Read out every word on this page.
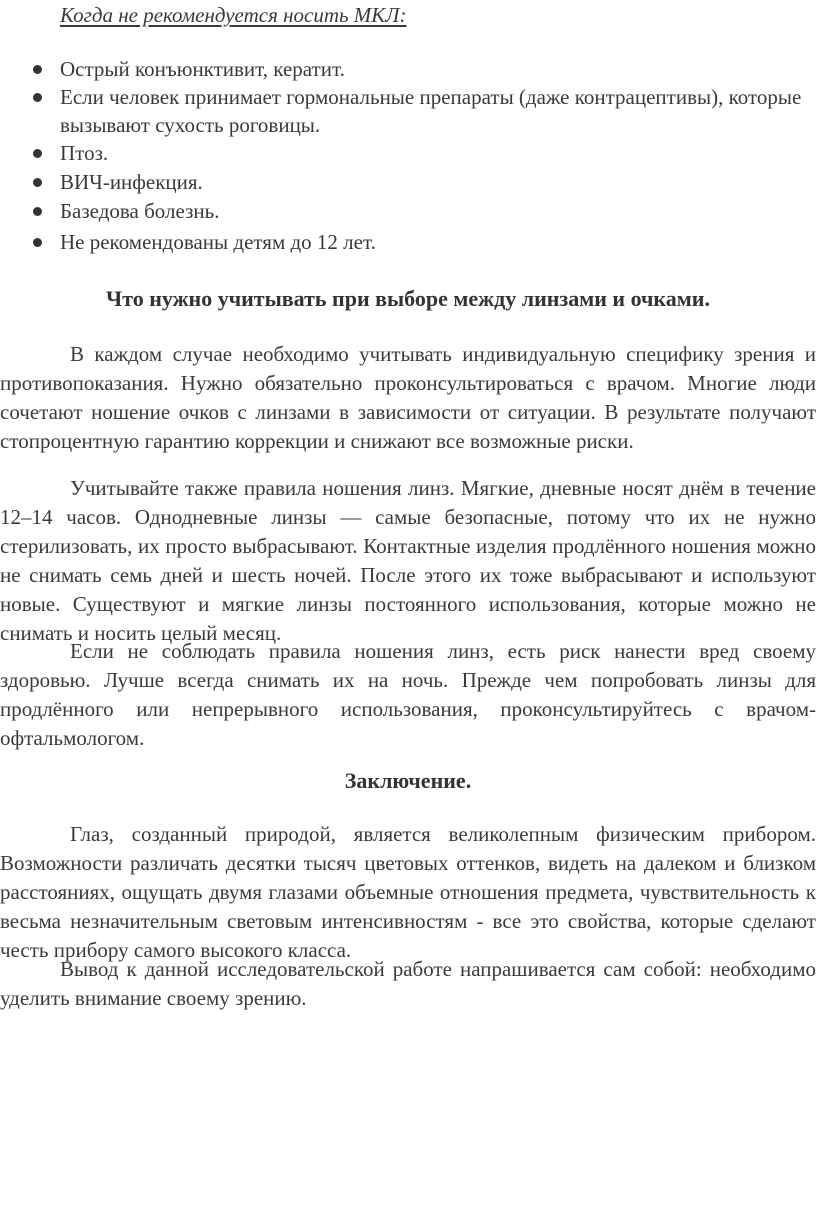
Когда не рекомендуется носить МКЛ:

Острый конъюнктивит, кератит.
Если человек принимает гормональные препараты (даже контрацептивы), которые вызывают сухость роговицы.
Птоз.
ВИЧ-инфекция.
Базедова болезнь.
Не рекомендованы детям до 12 лет.
Что нужно учитывать при выборе между линзами и очками.

В каждом случае необходимо учитывать индивидуальную специфику зрения и противопоказания. Нужно обязательно проконсультироваться с врачом. Многие люди сочетают ношение очков с линзами в зависимости от ситуации. В результате получают стопроцентную гарантию коррекции и снижают все возможные риски.

Учитывайте также правила ношения линз. Мягкие, дневные носят днём в течение 12–14 часов. Однодневные линзы — самые безопасные, потому что их не нужно стерилизовать, их просто выбрасывают. Контактные изделия продлённого ношения можно не снимать семь дней и шесть ночей. После этого их тоже выбрасывают и используют новые. Существуют и мягкие линзы постоянного использования, которые можно не снимать и носить целый месяц.

Если не соблюдать правила ношения линз, есть риск нанести вред своему здоровью. Лучше всегда снимать их на ночь. Прежде чем попробовать линзы для продлённого или непрерывного использования, проконсультируйтесь с врачом-офтальмологом.

Заключение.

Глаз, созданный природой, является великолепным физическим прибором. Возможности различать десятки тысяч цветовых оттенков, видеть на далеком и близком расстояниях, ощущать двумя глазами объемные отношения предмета, чувствительность к весьма незначительным световым интенсивностям - все это свойства, которые сделают честь прибору самого высокого класса.

Вывод к данной исследовательской работе напрашивается сам собой: необходимо уделить внимание своему зрению.
